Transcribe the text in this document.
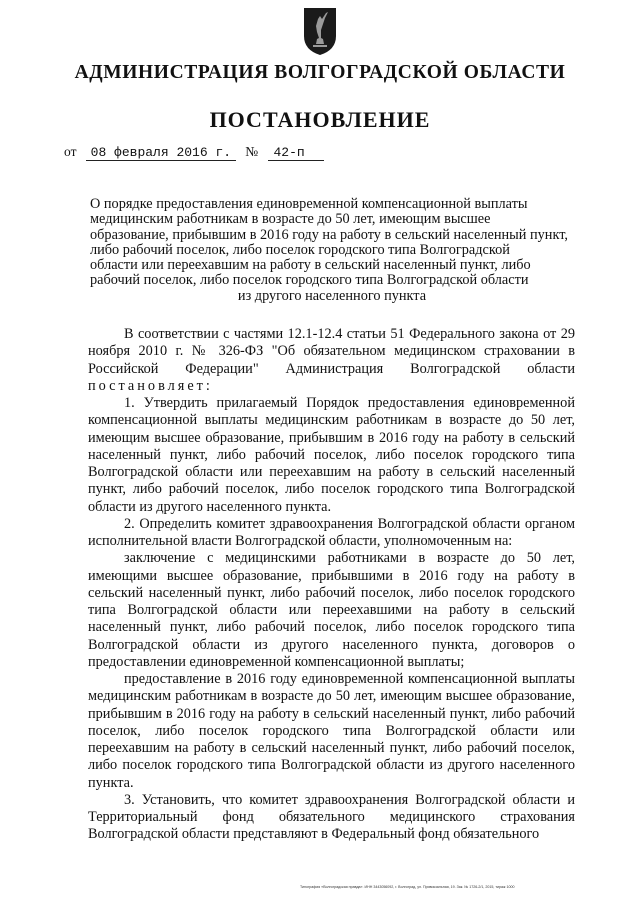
АДМИНИСТРАЦИЯ ВОЛГОГРАДСКОЙ ОБЛАСТИ
ПОСТАНОВЛЕНИЕ
от 08 февраля 2016 г. № 42-п
О порядке предоставления единовременной компенсационной выплаты
медицинским работникам в возрасте до 50 лет, имеющим высшее
образование, прибывшим в 2016 году на работу в сельский населенный пункт,
либо рабочий поселок, либо поселок городского типа Волгоградской
области или переехавшим на работу в сельский населенный пункт, либо
рабочий поселок, либо поселок городского типа Волгоградской области
из другого населенного пункта

В соответствии с частями 12.1-12.4 статьи 51 Федерального закона от 29 ноября 2010 г. № 326-ФЗ "Об обязательном медицинском страховании в Российской Федерации" Администрация Волгоградской области постановляет:

1. Утвердить прилагаемый Порядок предоставления единовременной компенсационной выплаты медицинским работникам в возрасте до 50 лет, имеющим высшее образование, прибывшим в 2016 году на работу в сельский населенный пункт, либо рабочий поселок, либо поселок городского типа Волгоградской области или переехавшим на работу в сельский населенный пункт, либо рабочий поселок, либо поселок городского типа Волгоградской области из другого населенного пункта.

2. Определить комитет здравоохранения Волгоградской области органом исполнительной власти Волгоградской области, уполномоченным на:

заключение с медицинскими работниками в возрасте до 50 лет, имеющими высшее образование, прибывшими в 2016 году на работу в сельский населенный пункт, либо рабочий поселок, либо поселок городского типа Волгоградской области или переехавшими на работу в сельский населенный пункт, либо рабочий поселок, либо поселок городского типа Волгоградской области из другого населенного пункта, договоров о предоставлении единовременной компенсационной выплаты;

предоставление в 2016 году единовременной компенсационной выплаты медицинским работникам в возрасте до 50 лет, имеющим высшее образование, прибывшим в 2016 году на работу в сельский населенный пункт, либо рабочий поселок, либо поселок городского типа Волгоградской области или переехавшим на работу в сельский населенный пункт, либо рабочий поселок, либо поселок городского типа Волгоградской области из другого населенного пункта.

3. Установить, что комитет здравоохранения Волгоградской области и Территориальный фонд обязательного медицинского страхования Волгоградской области представляют в Федеральный фонд обязательного

Типография «Волгоградская правда». ИНН 3443056092, г. Волгоград, ул. Привокзальная, 19. Зак. № 1726-2/1, 2015, тираж 1000
